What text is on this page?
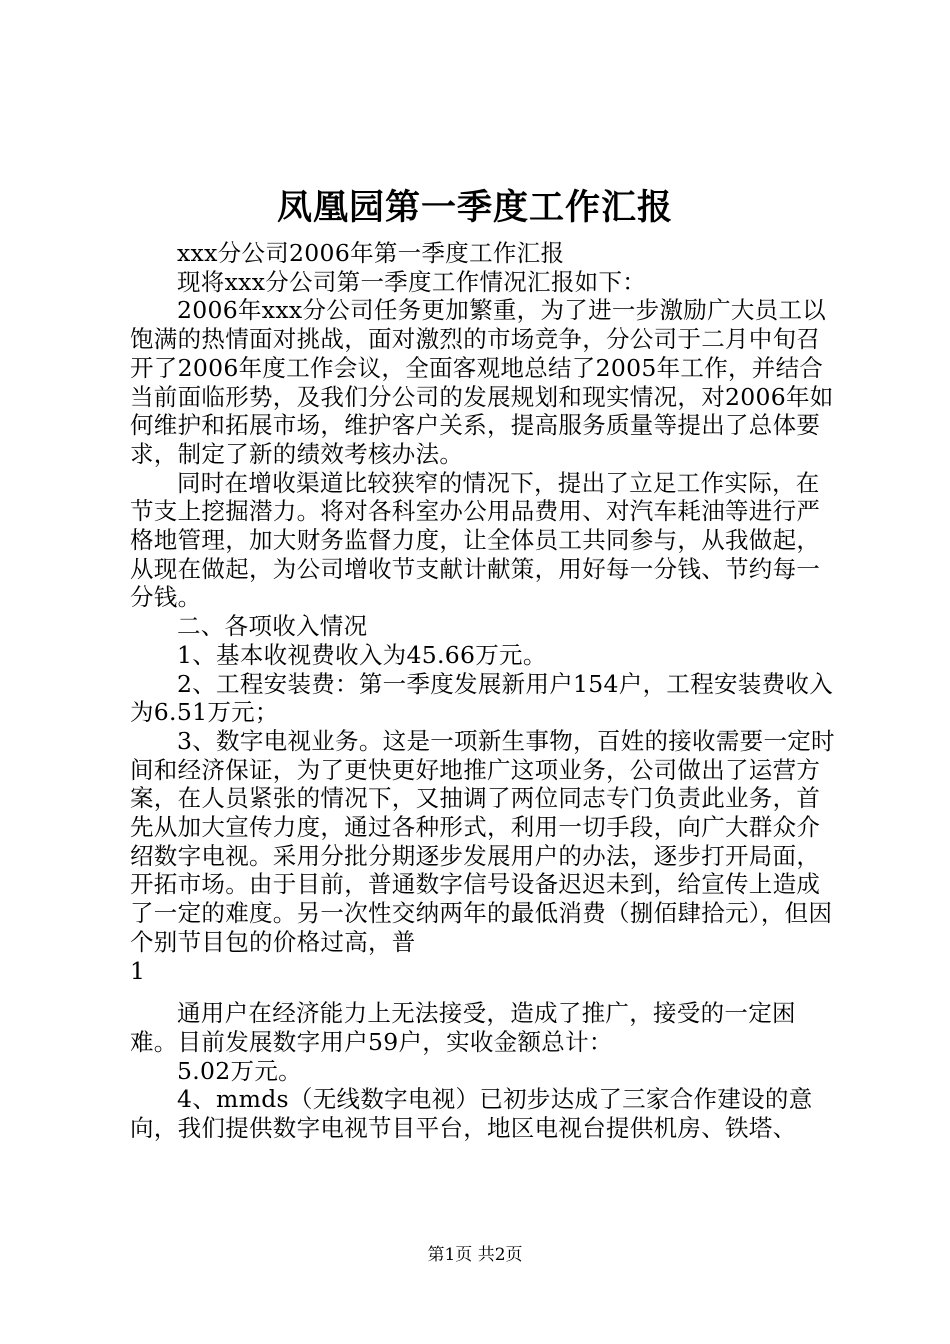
凤凰园第一季度工作汇报

xxx分公司2006年第一季度工作汇报

现将xxx分公司第一季度工作情况汇报如下：

2006年xxx分公司任务更加繁重，为了进一步激励广大员工以饱满的热情面对挑战，面对激烈的市场竞争，分公司于二月中旬召开了2006年度工作会议，全面客观地总结了2005年工作，并结合当前面临形势，及我们分公司的发展规划和现实情况，对2006年如何维护和拓展市场，维护客户关系，提高服务质量等提出了总体要求，制定了新的绩效考核办法。

同时在增收渠道比较狭窄的情况下，提出了立足工作实际，在节支上挖掘潜力。将对各科室办公用品费用、对汽车耗油等进行严格地管理，加大财务监督力度，让全体员工共同参与，从我做起，从现在做起，为公司增收节支献计献策，用好每一分钱、节约每一分钱。

二、各项收入情况

1、基本收视费收入为45.66万元。

2、工程安装费：第一季度发展新用户154户，工程安装费收入为6.51万元；

3、数字电视业务。这是一项新生事物，百姓的接收需要一定时间和经济保证，为了更快更好地推广这项业务，公司做出了运营方案，在人员紧张的情况下，又抽调了两位同志专门负责此业务，首先从加大宣传力度，通过各种形式，利用一切手段，向广大群众介绍数字电视。采用分批分期逐步发展用户的办法，逐步打开局面，开拓市场。由于目前，普通数字信号设备迟迟未到，给宣传上造成了一定的难度。另一次性交纳两年的最低消费（捌佰肆拾元），但因个别节目包的价格过高，普

1

通用户在经济能力上无法接受，造成了推广，接受的一定困难。目前发展数字用户59户，实收金额总计：

5.02万元。

4、mmds（无线数字电视）已初步达成了三家合作建设的意向，我们提供数字电视节目平台，地区电视台提供机房、铁塔、

第1页 共2页
